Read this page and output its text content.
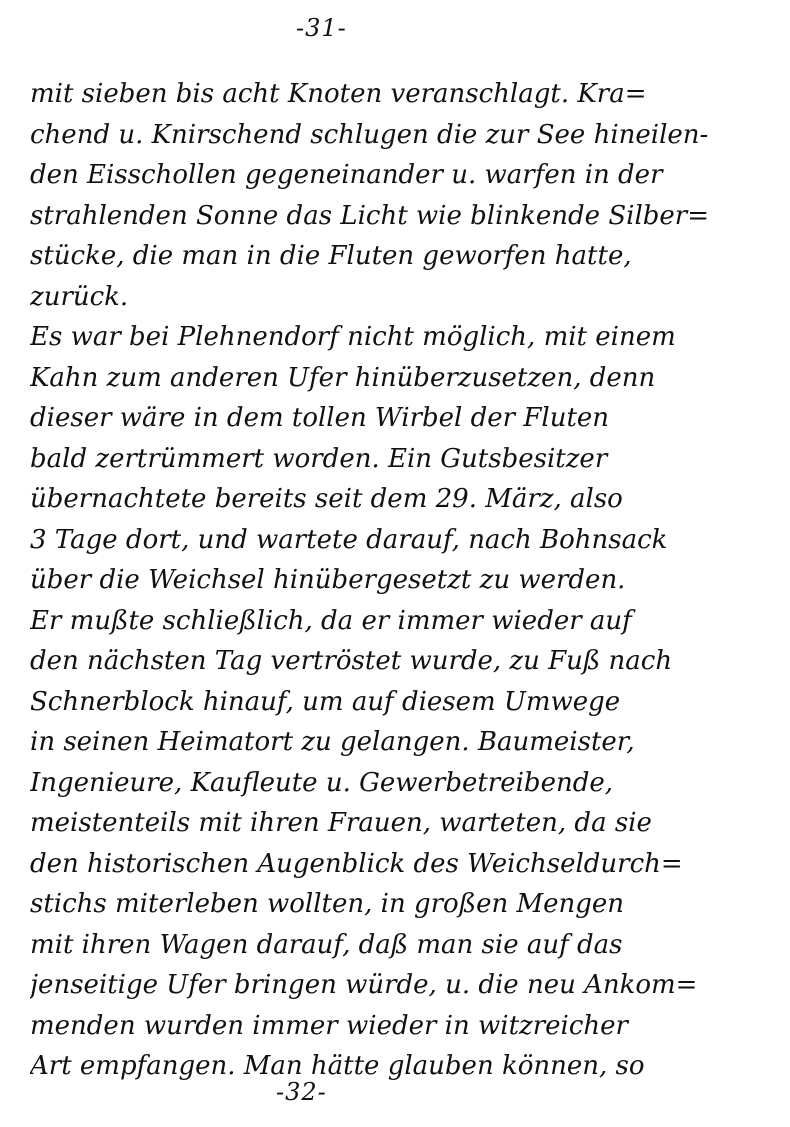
-31-
mit sieben bis acht Knoten veranschlagt. Kra=
chend u. Knirschend schlugen die zur See hineilen-
den Eisschollen gegeneinander u. warfen in der
strahlenden Sonne das Licht wie blinkende Silber=
stücke, die man in die Fluten geworfen hatte,
zurück.
Es war bei Plehnendorf nicht möglich, mit einem
Kahn zum anderen Ufer hinüberzusetzen, denn
dieser wäre in dem tollen Wirbel der Fluten
bald zertrümmert worden. Ein Gutsbesitzer
übernachtete bereits seit dem 29. März, also
3 Tage dort, und wartete darauf, nach Bohnsack
über die Weichsel hinübergesetzt zu werden.
Er mußte schließlich, da er immer wieder auf
den nächsten Tag vertröstet wurde, zu Fuß nach
Schnerblock hinauf, um auf diesem Umwege
in seinen Heimatort zu gelangen. Baumeister,
Ingenieure, Kaufleute u. Gewerbetreibende,
meistenteils mit ihren Frauen, warteten, da sie
den historischen Augenblick des Weichseldurch=
stichs miterleben wollten, in großen Mengen
mit ihren Wagen darauf, daß man sie auf das
jenseitige Ufer bringen würde, u. die neu Ankom=
menden wurden immer wieder in witzreicher
Art empfangen. Man hätte glauben können, so
-32-
